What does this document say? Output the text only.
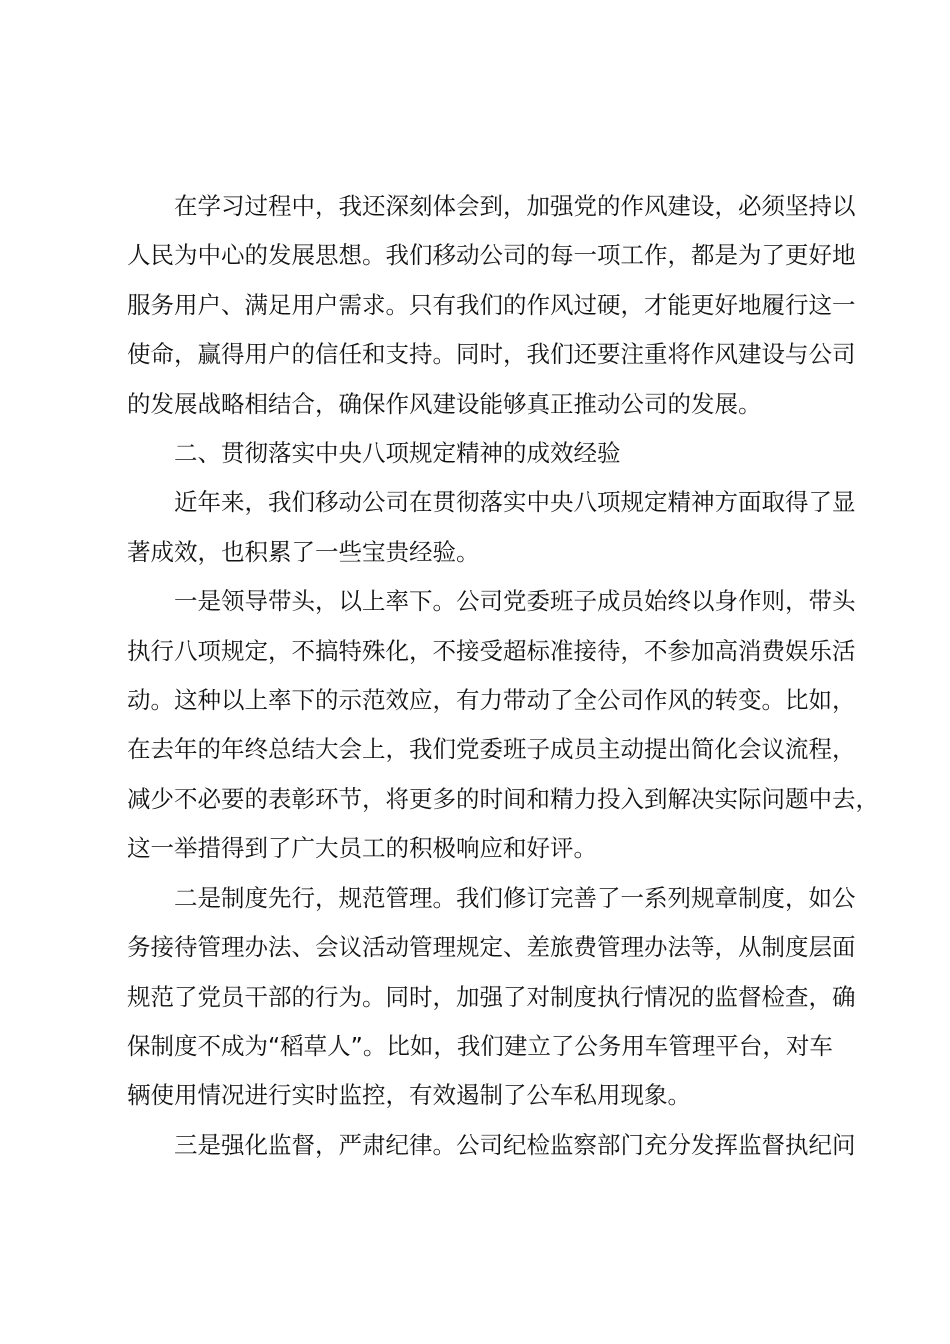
在学习过程中，我还深刻体会到，加强党的作风建设，必须坚持以
人民为中心的发展思想。我们移动公司的每一项工作，都是为了更好地
服务用户、满足用户需求。只有我们的作风过硬，才能更好地履行这一
使命，赢得用户的信任和支持。同时，我们还要注重将作风建设与公司
的发展战略相结合，确保作风建设能够真正推动公司的发展。
二、贯彻落实中央八项规定精神的成效经验
近年来，我们移动公司在贯彻落实中央八项规定精神方面取得了显
著成效，也积累了一些宝贵经验。
一是领导带头，以上率下。公司党委班子成员始终以身作则，带头
执行八项规定，不搞特殊化，不接受超标准接待，不参加高消费娱乐活
动。这种以上率下的示范效应，有力带动了全公司作风的转变。比如，
在去年的年终总结大会上，我们党委班子成员主动提出简化会议流程，
减少不必要的表彰环节，将更多的时间和精力投入到解决实际问题中去，
这一举措得到了广大员工的积极响应和好评。
二是制度先行，规范管理。我们修订完善了一系列规章制度，如公
务接待管理办法、会议活动管理规定、差旅费管理办法等，从制度层面
规范了党员干部的行为。同时，加强了对制度执行情况的监督检查，确
保制度不成为“稻草人”。比如，我们建立了公务用车管理平台，对车
辆使用情况进行实时监控，有效遏制了公车私用现象。
三是强化监督，严肃纪律。公司纪检监察部门充分发挥监督执纪问
